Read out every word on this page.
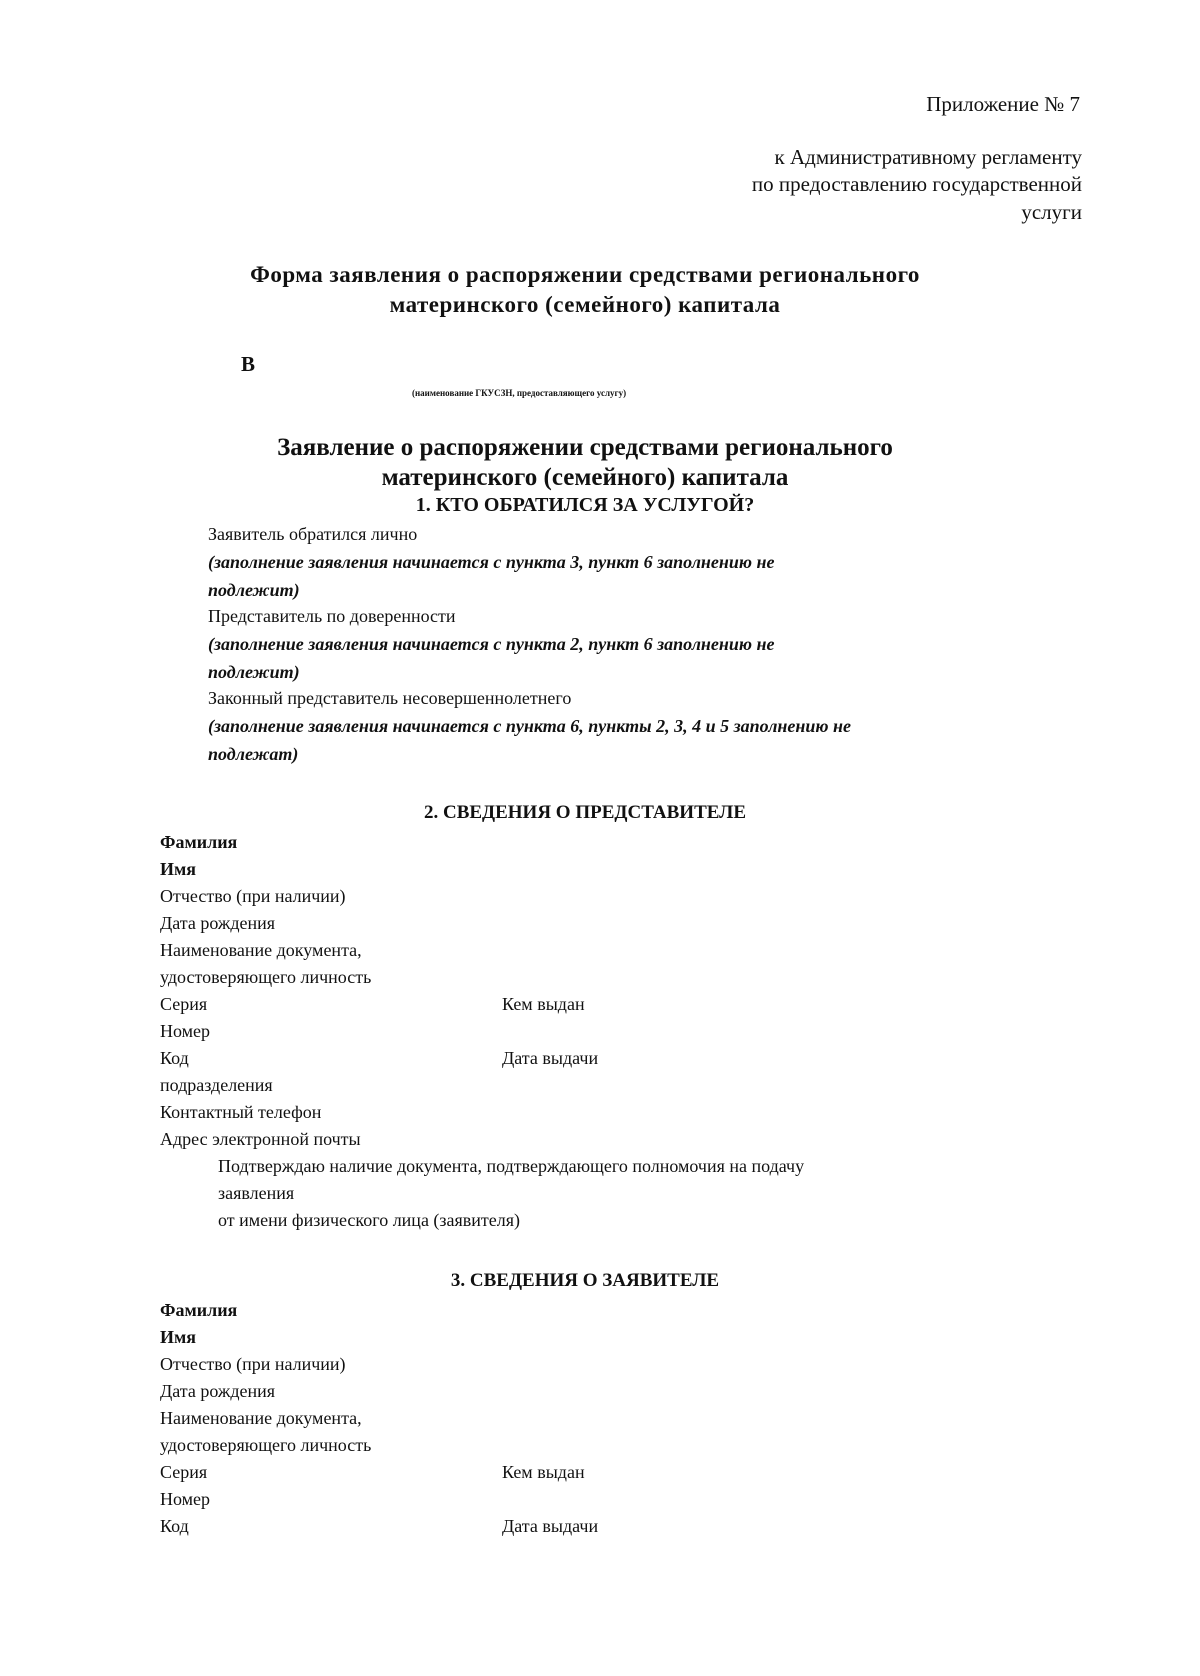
Приложение № 7
к Административному регламенту
по предоставлению государственной
услуги
Форма заявления о распоряжении средствами регионального
материнского (семейного) капитала
В
(наименование ГКУСЗН, предоставляющего услугу)
Заявление о распоряжении средствами регионального
материнского (семейного) капитала
1. КТО ОБРАТИЛСЯ ЗА УСЛУГОЙ?
Заявитель обратился лично
(заполнение заявления начинается с пункта 3, пункт 6 заполнению не
подлежит)
Представитель по доверенности
(заполнение заявления начинается с пункта 2, пункт 6 заполнению не
подлежит)
Законный представитель несовершеннолетнего
(заполнение заявления начинается с пункта 6, пункты 2, 3, 4 и 5 заполнению не
подлежат)
2. СВЕДЕНИЯ О ПРЕДСТАВИТЕЛЕ
Фамилия
Имя
Отчество (при наличии)
Дата рождения
Наименование документа,
удостоверяющего личность
Серия	Кем выдан
Номер
Код	Дата выдачи
подразделения
Контактный телефон
Адрес электронной почты
Подтверждаю наличие документа, подтверждающего полномочия на подачу
заявления
от имени физического лица (заявителя)
3. СВЕДЕНИЯ О ЗАЯВИТЕЛЕ
Фамилия
Имя
Отчество (при наличии)
Дата рождения
Наименование документа,
удостоверяющего личность
Серия	Кем выдан
Номер
Код	Дата выдачи
